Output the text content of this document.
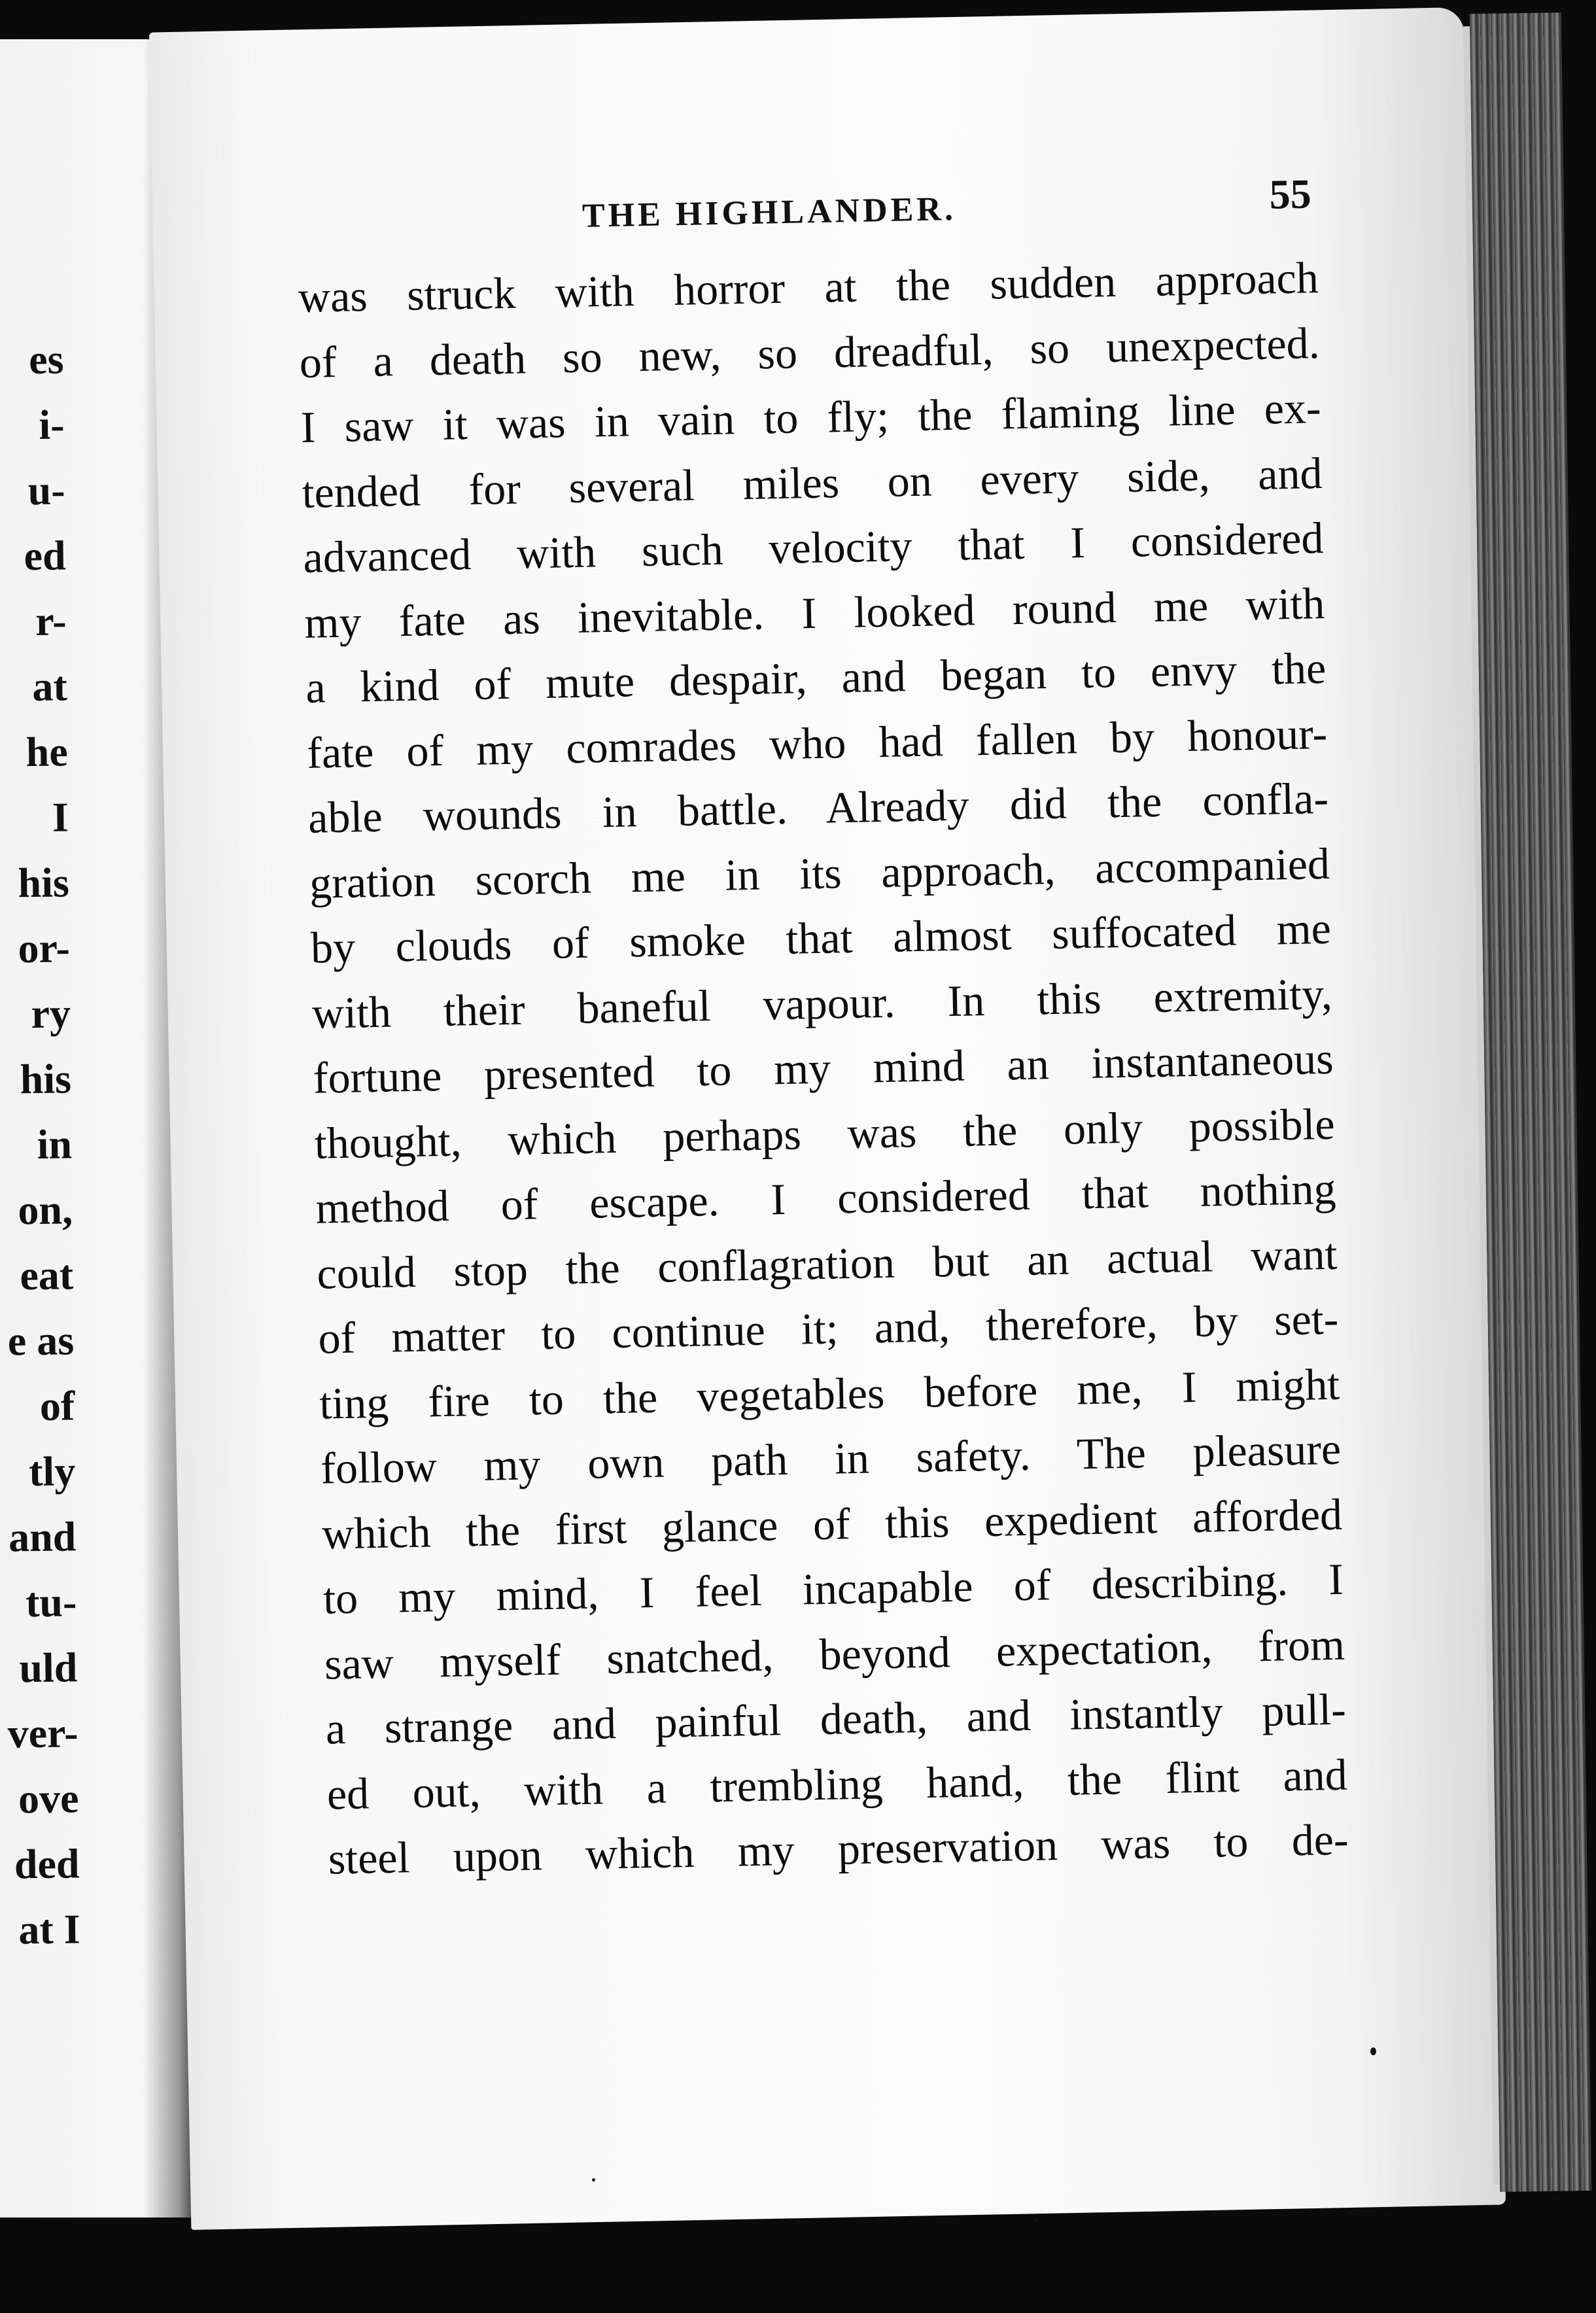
es
i-
u-
ed
r-
at
he
I
his
or-
ry
his
in
on,
eat
e as
of
tly
and
tu-
uld
ver-
ove
ded
at I
THE HIGHLANDER.	55
was struck with horror at the sudden approach
of a death so new, so dreadful, so unexpected.
I saw it was in vain to fly; the flaming line ex-
tended for several miles on every side, and
advanced with such velocity that I considered
my fate as inevitable. I looked round me with
a kind of mute despair, and began to envy the
fate of my comrades who had fallen by honour-
able wounds in battle. Already did the confla-
gration scorch me in its approach, accompanied
by clouds of smoke that almost suffocated me
with their baneful vapour. In this extremity,
fortune presented to my mind an instantaneous
thought, which perhaps was the only possible
method of escape. I considered that nothing
could stop the conflagration but an actual want
of matter to continue it; and, therefore, by set-
ting fire to the vegetables before me, I might
follow my own path in safety. The pleasure
which the first glance of this expedient afforded
to my mind, I feel incapable of describing. I
saw myself snatched, beyond expectation, from
a strange and painful death, and instantly pull-
ed out, with a trembling hand, the flint and
steel upon which my preservation was to de-
